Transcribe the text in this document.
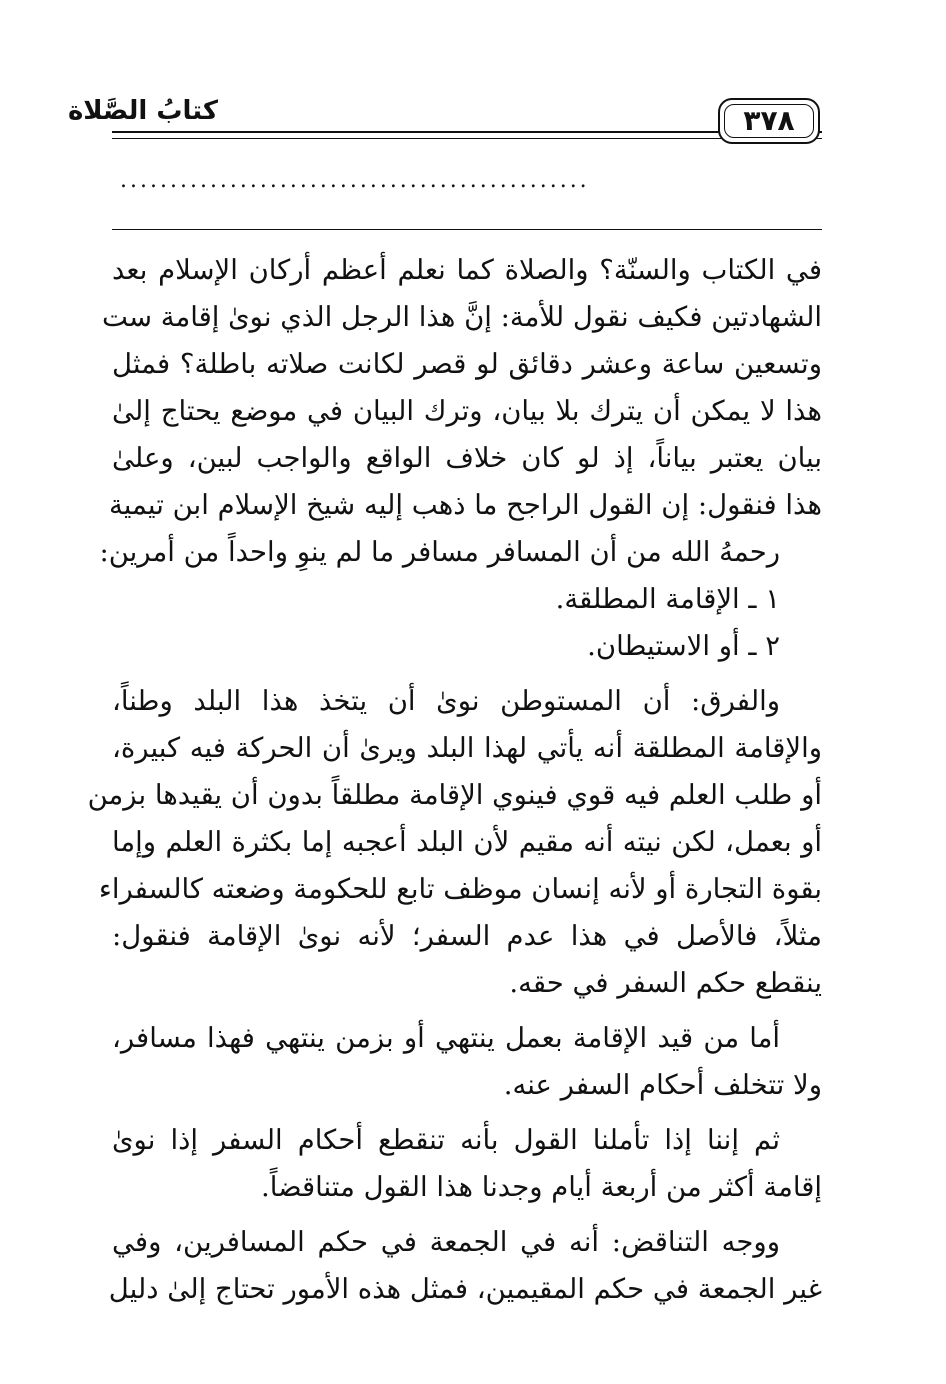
كتابُ الصَّلاة	٣٧٨
...............................................

في الكتاب والسنّة؟ والصلاة كما نعلم أعظم أركان الإسلام بعد
الشهادتين فكيف نقول للأمة: إنَّ هذا الرجل الذي نوىٰ إقامة ست
وتسعين ساعة وعشر دقائق لو قصر لكانت صلاته باطلة؟ فمثل
هذا لا يمكن أن يترك بلا بيان، وترك البيان في موضع يحتاج إلىٰ
بيان يعتبر بياناً، إذ لو كان خلاف الواقع والواجب لبين، وعلىٰ
هذا فنقول: إن القول الراجح ما ذهب إليه شيخ الإسلام ابن تيمية
رحمهُ الله من أن المسافر مسافر ما لم ينوِ واحداً من أمرين:

١ ـ الإقامة المطلقة.

٢ ـ أو الاستيطان.

والفرق: أن المستوطن نوىٰ أن يتخذ هذا البلد وطناً،
والإقامة المطلقة أنه يأتي لهذا البلد ويرىٰ أن الحركة فيه كبيرة،
أو طلب العلم فيه قوي فينوي الإقامة مطلقاً بدون أن يقيدها بزمن
أو بعمل، لكن نيته أنه مقيم لأن البلد أعجبه إما بكثرة العلم وإما
بقوة التجارة أو لأنه إنسان موظف تابع للحكومة وضعته كالسفراء
مثلاً، فالأصل في هذا عدم السفر؛ لأنه نوىٰ الإقامة فنقول:
ينقطع حكم السفر في حقه.

أما من قيد الإقامة بعمل ينتهي أو بزمن ينتهي فهذا مسافر،
ولا تتخلف أحكام السفر عنه.

ثم إننا إذا تأملنا القول بأنه تنقطع أحكام السفر إذا نوىٰ
إقامة أكثر من أربعة أيام وجدنا هذا القول متناقضاً.

ووجه التناقض: أنه في الجمعة في حكم المسافرين، وفي
غير الجمعة في حكم المقيمين، فمثل هذه الأمور تحتاج إلىٰ دليل
